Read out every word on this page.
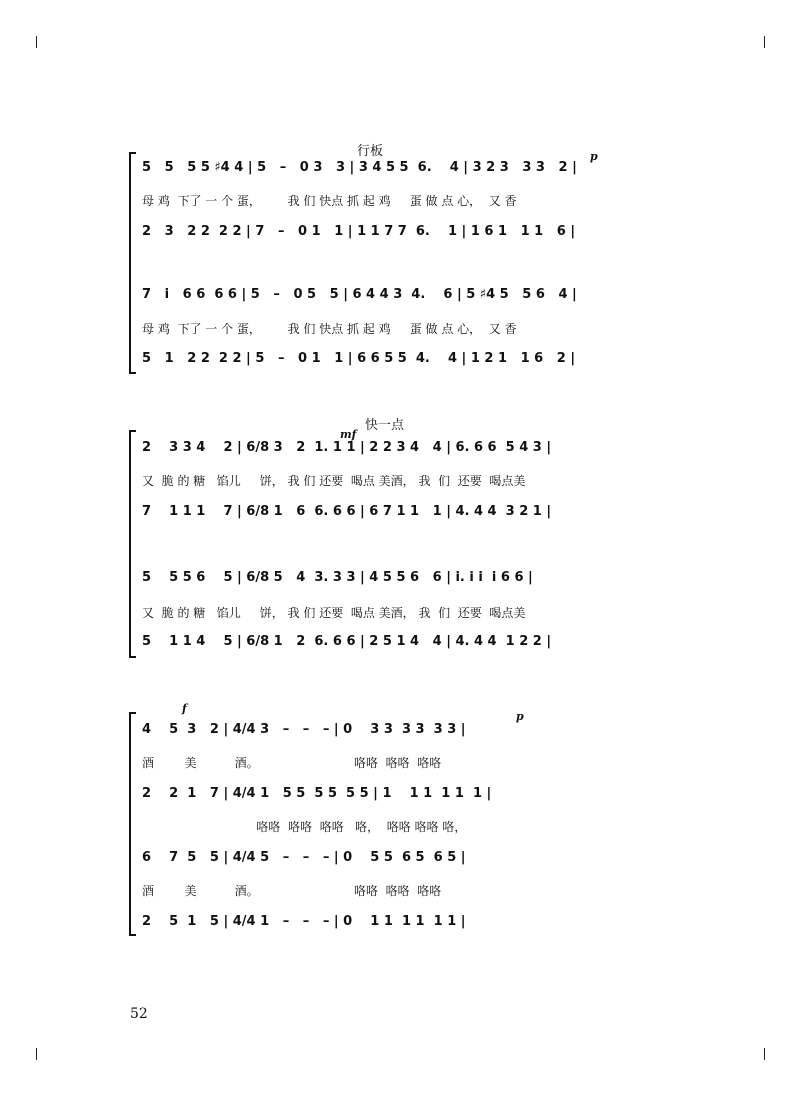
行板	p
5   5   5 5 ♯4 4 | 5   –   0 3   3 | 3 4 5 5  6.    4 | 3 2 3   3 3   2 |
母 鸡  下了 一 个 蛋，       我 们 快点 抓 起 鸡     蛋 做 点 心，  又 香
2   3   2 2  2 2 | 7   –   0 1   1 | 1 1 7 7  6.    1 | 1 6 1   1 1   6 |
7   i   6 6  6 6 | 5   –   0 5   5 | 6 4 4 3  4.    6 | 5 ♯4 5   5 6   4 |
母 鸡  下了 一 个 蛋，       我 们 快点 抓 起 鸡     蛋 做 点 心，  又 香
5   1   2 2  2 2 | 5   –   0 1   1 | 6 6 5 5  4.    4 | 1 2 1   1 6   2 |
快一点
mf
2    3 3 4    2 | 6/8 3   2  1. 1 1 | 2 2 3 4   4 | 6. 6 6  5 4 3 |
又  脆 的 糖   馅儿     饼， 我 们 还要  喝点 美酒， 我  们  还要  喝点美
7    1 1 1    7 | 6/8 1   6  6. 6 6 | 6 7 1 1   1 | 4. 4 4  3 2 1 |
5    5 5 6    5 | 6/8 5   4  3. 3 3 | 4 5 5 6   6 | i. i i  i 6 6 |
又  脆 的 糖   馅儿     饼， 我 们 还要  喝点 美酒， 我  们  还要  喝点美
5    1 1 4    5 | 6/8 1   2  6. 6 6 | 2 5 1 4   4 | 4. 4 4  1 2 2 |
f
p
4    5  3   2 | 4/4 3   –   –   – | 0    3 3  3 3  3 3 |
酒        美          酒。                         咯咯  咯咯  咯咯
2    2  1   7 | 4/4 1   5 5  5 5  5 5 | 1    1 1  1 1  1 |
咯咯  咯咯  咯咯   咯，  咯咯 咯咯 咯，
6    7  5   5 | 4/4 5   –   –   – | 0    5 5  6 5  6 5 |
酒        美          酒。                         咯咯  咯咯  咯咯
2    5  1   5 | 4/4 1   –   –   – | 0    1 1  1 1  1 1 |
52
